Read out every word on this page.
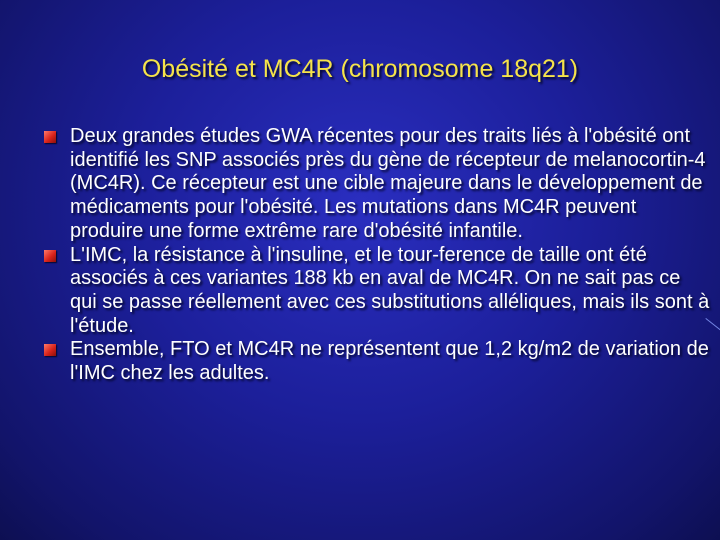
Obésité et MC4R (chromosome 18q21)
Deux grandes études GWA récentes pour des traits liés à l'obésité ont identifié les SNP associés près du gène de récepteur de melanocortin-4 (MC4R). Ce récepteur est une cible majeure dans le développement de médicaments pour l'obésité. Les mutations dans MC4R peuvent produire une forme extrême rare d'obésité infantile.
L'IMC, la résistance à l'insuline, et le tour-ference de taille ont été associés à ces variantes 188 kb en aval de MC4R. On ne sait pas ce qui se passe réellement avec ces substitutions alléliques, mais ils sont à l'étude.
Ensemble, FTO et MC4R ne représentent que 1,2 kg/m2 de variation de l'IMC chez les adultes.
